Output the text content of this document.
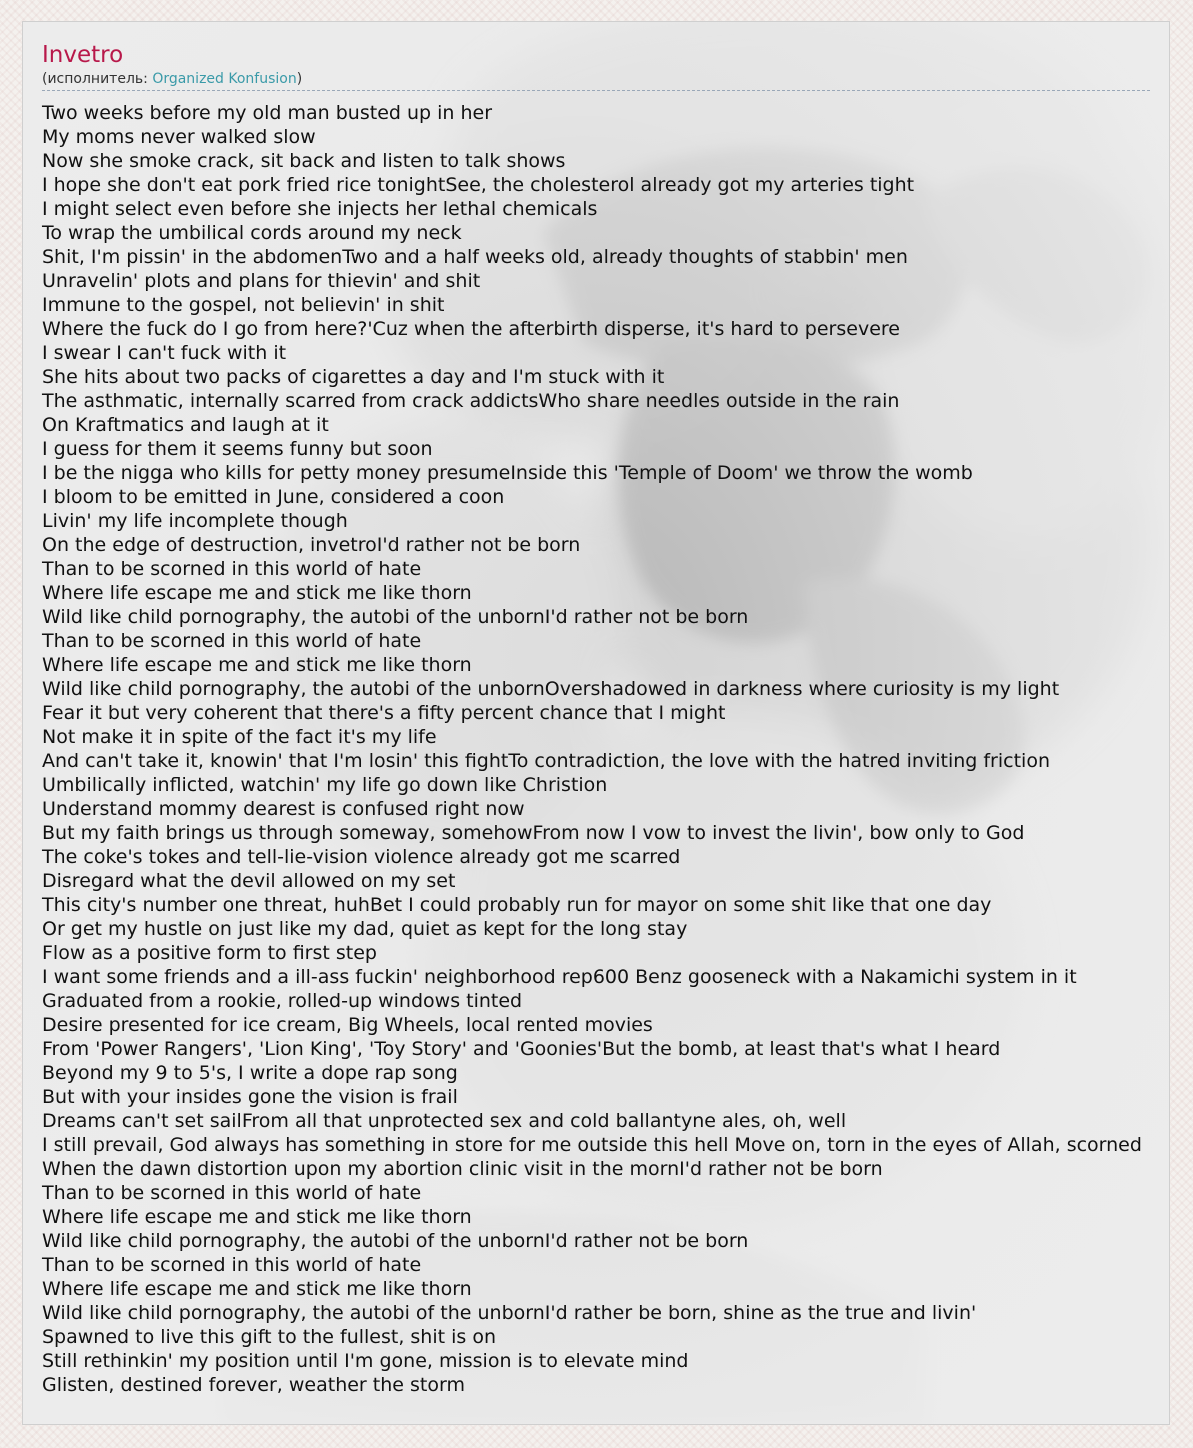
Invetro
(исполнитель: Organized Konfusion)
Two weeks before my old man busted up in her
My moms never walked slow
Now she smoke crack, sit back and listen to talk shows
I hope she don't eat pork fried rice tonightSee, the cholesterol already got my arteries tight
I might select even before she injects her lethal chemicals
To wrap the umbilical cords around my neck
Shit, I'm pissin' in the abdomenTwo and a half weeks old, already thoughts of stabbin' men
Unravelin' plots and plans for thievin' and shit
Immune to the gospel, not believin' in shit
Where the fuck do I go from here?'Cuz when the afterbirth disperse, it's hard to persevere
I swear I can't fuck with it
She hits about two packs of cigarettes a day and I'm stuck with it
The asthmatic, internally scarred from crack addictsWho share needles outside in the rain
On Kraftmatics and laugh at it
I guess for them it seems funny but soon
I be the nigga who kills for petty money presumeInside this 'Temple of Doom' we throw the womb
I bloom to be emitted in June, considered a coon
Livin' my life incomplete though
On the edge of destruction, invetroI'd rather not be born
Than to be scorned in this world of hate
Where life escape me and stick me like thorn
Wild like child pornography, the autobi of the unbornI'd rather not be born
Than to be scorned in this world of hate
Where life escape me and stick me like thorn
Wild like child pornography, the autobi of the unbornOvershadowed in darkness where curiosity is my light
Fear it but very coherent that there's a fifty percent chance that I might
Not make it in spite of the fact it's my life
And can't take it, knowin' that I'm losin' this fightTo contradiction, the love with the hatred inviting friction
Umbilically inflicted, watchin' my life go down like Christion
Understand mommy dearest is confused right now
But my faith brings us through someway, somehowFrom now I vow to invest the livin', bow only to God
The coke's tokes and tell-lie-vision violence already got me scarred
Disregard what the devil allowed on my set
This city's number one threat, huhBet I could probably run for mayor on some shit like that one day
Or get my hustle on just like my dad, quiet as kept for the long stay
Flow as a positive form to first step
I want some friends and a ill-ass fuckin' neighborhood rep600 Benz gooseneck with a Nakamichi system in it
Graduated from a rookie, rolled-up windows tinted
Desire presented for ice cream, Big Wheels, local rented movies
From 'Power Rangers', 'Lion King', 'Toy Story' and 'Goonies'But the bomb, at least that's what I heard
Beyond my 9 to 5's, I write a dope rap song
But with your insides gone the vision is frail
Dreams can't set sailFrom all that unprotected sex and cold ballantyne ales, oh, well
I still prevail, God always has something in store for me outside this hell Move on, torn in the eyes of Allah, scorned
When the dawn distortion upon my abortion clinic visit in the mornI'd rather not be born
Than to be scorned in this world of hate
Where life escape me and stick me like thorn
Wild like child pornography, the autobi of the unbornI'd rather not be born
Than to be scorned in this world of hate
Where life escape me and stick me like thorn
Wild like child pornography, the autobi of the unbornI'd rather be born, shine as the true and livin'
Spawned to live this gift to the fullest, shit is on
Still rethinkin' my position until I'm gone, mission is to elevate mind
Glisten, destined forever, weather the storm
